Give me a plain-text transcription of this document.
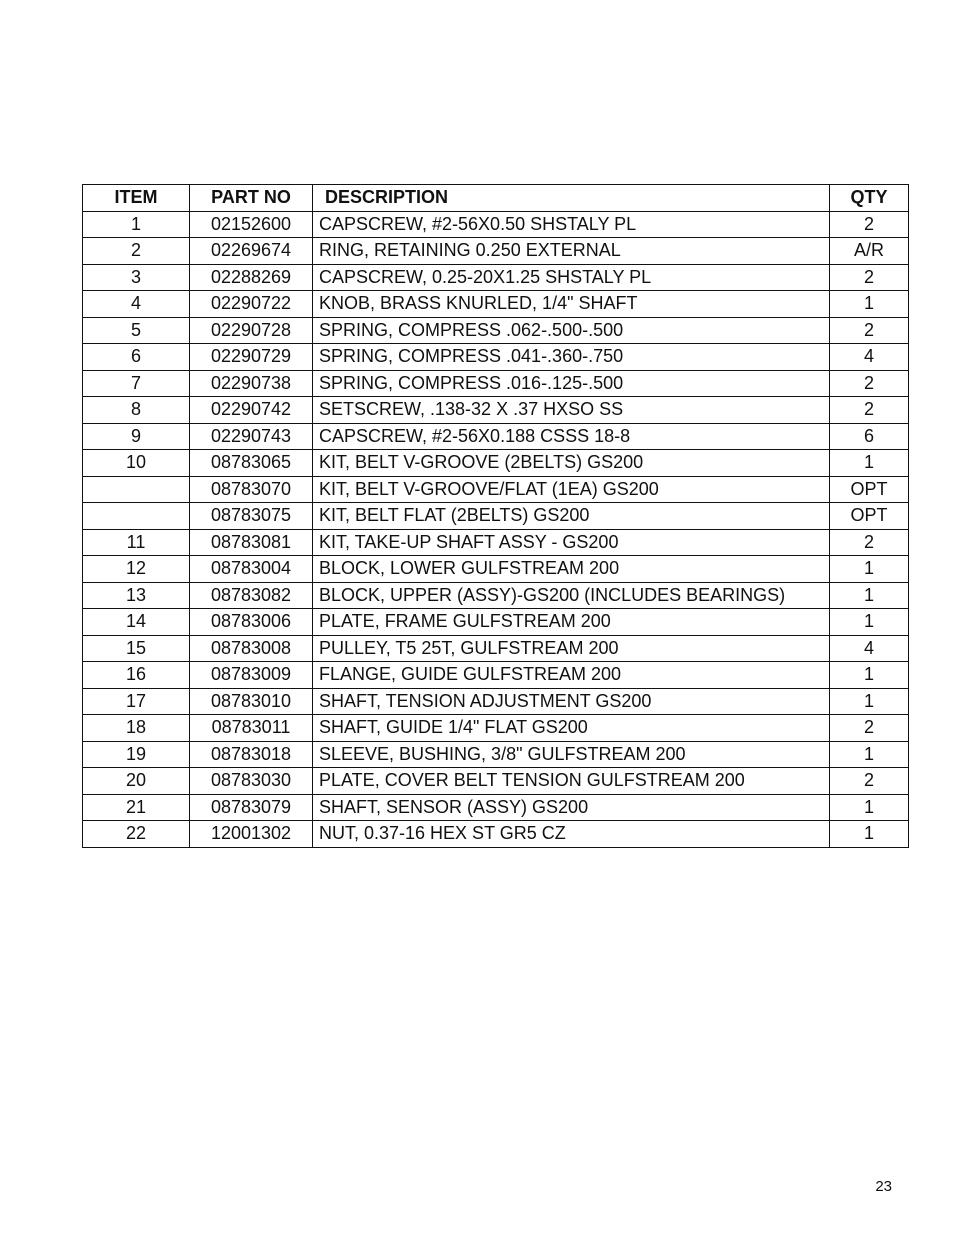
ITEM	PART NO	DESCRIPTION	QTY
1	02152600	CAPSCREW, #2-56X0.50 SHSTALY PL	2
2	02269674	RING, RETAINING 0.250 EXTERNAL	A/R
3	02288269	CAPSCREW, 0.25-20X1.25 SHSTALY PL	2
4	02290722	KNOB, BRASS KNURLED, 1/4" SHAFT	1
5	02290728	SPRING, COMPRESS .062-.500-.500	2
6	02290729	SPRING, COMPRESS .041-.360-.750	4
7	02290738	SPRING, COMPRESS .016-.125-.500	2
8	02290742	SETSCREW, .138-32 X .37 HXSO SS	2
9	02290743	CAPSCREW, #2-56X0.188 CSSS 18-8	6
10	08783065	KIT, BELT V-GROOVE (2BELTS) GS200	1
	08783070	KIT, BELT V-GROOVE/FLAT (1EA) GS200	OPT
	08783075	KIT, BELT FLAT (2BELTS) GS200	OPT
11	08783081	KIT, TAKE-UP SHAFT ASSY - GS200	2
12	08783004	BLOCK, LOWER GULFSTREAM 200	1
13	08783082	BLOCK, UPPER (ASSY)-GS200 (INCLUDES BEARINGS)	1
14	08783006	PLATE, FRAME GULFSTREAM 200	1
15	08783008	PULLEY, T5 25T, GULFSTREAM 200	4
16	08783009	FLANGE, GUIDE GULFSTREAM 200	1
17	08783010	SHAFT, TENSION ADJUSTMENT GS200	1
18	08783011	SHAFT, GUIDE 1/4" FLAT GS200	2
19	08783018	SLEEVE, BUSHING, 3/8" GULFSTREAM 200	1
20	08783030	PLATE, COVER BELT TENSION GULFSTREAM 200	2
21	08783079	SHAFT, SENSOR (ASSY) GS200	1
22	12001302	NUT, 0.37-16 HEX ST GR5 CZ	1
23
